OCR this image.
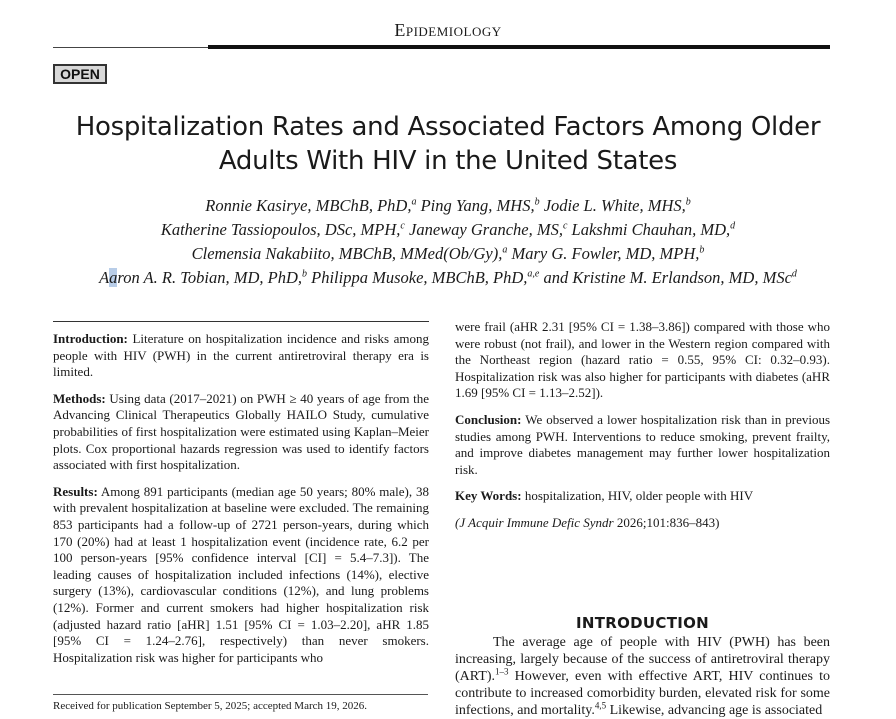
Epidemiology
OPEN
Hospitalization Rates and Associated Factors Among Older Adults With HIV in the United States
Ronnie Kasirye, MBChB, PhD,$^a$ Ping Yang, MHS,$^b$ Jodie L. White, MHS,$^b$
Katherine Tassiopoulos, DSc, MPH,$^c$ Janeway Granche, MS,$^c$ Lakshmi Chauhan, MD,$^d$
Clemensia Nakabiito, MBChB, MMed(Ob/Gy),$^a$ Mary G. Fowler, MD, MPH,$^b$
Aaron A. R. Tobian, MD, PhD,$^b$ Philippa Musoke, MBChB, PhD,$^{a,e}$ and Kristine M. Erlandson, MD, MSc$^d$

Introduction: Literature on hospitalization incidence and risks among people with HIV (PWH) in the current antiretroviral therapy era is limited.

Methods: Using data (2017–2021) on PWH ≥ 40 years of age from the Advancing Clinical Therapeutics Globally HAILO Study, cumulative probabilities of first hospitalization were estimated using Kaplan–Meier plots. Cox proportional hazards regression was used to identify factors associated with first hospitalization.

Results: Among 891 participants (median age 50 years; 80% male), 38 with prevalent hospitalization at baseline were excluded. The remaining 853 participants had a follow-up of 2721 person-years, during which 170 (20%) had at least 1 hospitalization event (incidence rate, 6.2 per 100 person-years [95% confidence interval [CI] = 5.4–7.3]). The leading causes of hospitalization included infections (14%), elective surgery (13%), cardiovascular conditions (12%), and lung problems (12%). Former and current smokers had higher hospitalization risk (adjusted hazard ratio [aHR] 1.51 [95% CI = 1.03–2.20], aHR 1.85 [95% CI = 1.24–2.76], respectively) than never smokers. Hospitalization risk was higher for participants who

were frail (aHR 2.31 [95% CI = 1.38–3.86]) compared with those who were robust (not frail), and lower in the Western region compared with the Northeast region (hazard ratio = 0.55, 95% CI: 0.32–0.93). Hospitalization risk was also higher for participants with diabetes (aHR 1.69 [95% CI = 1.13–2.52]).

Conclusion: We observed a lower hospitalization risk than in previous studies among PWH. Interventions to reduce smoking, prevent frailty, and improve diabetes management may further lower hospitalization risk.

Key Words: hospitalization, HIV, older people with HIV

(J Acquir Immune Defic Syndr 2026;101:836–843)

INTRODUCTION

The average age of people with HIV (PWH) has been increasing, largely because of the success of antiretroviral therapy (ART).$^{1-3}$ However, even with effective ART, HIV continues to contribute to increased comorbidity burden, elevated risk for some infections, and mortality.$^{4,5}$ Likewise, advancing age is associated

Received for publication September 5, 2025; accepted March 19, 2026.
